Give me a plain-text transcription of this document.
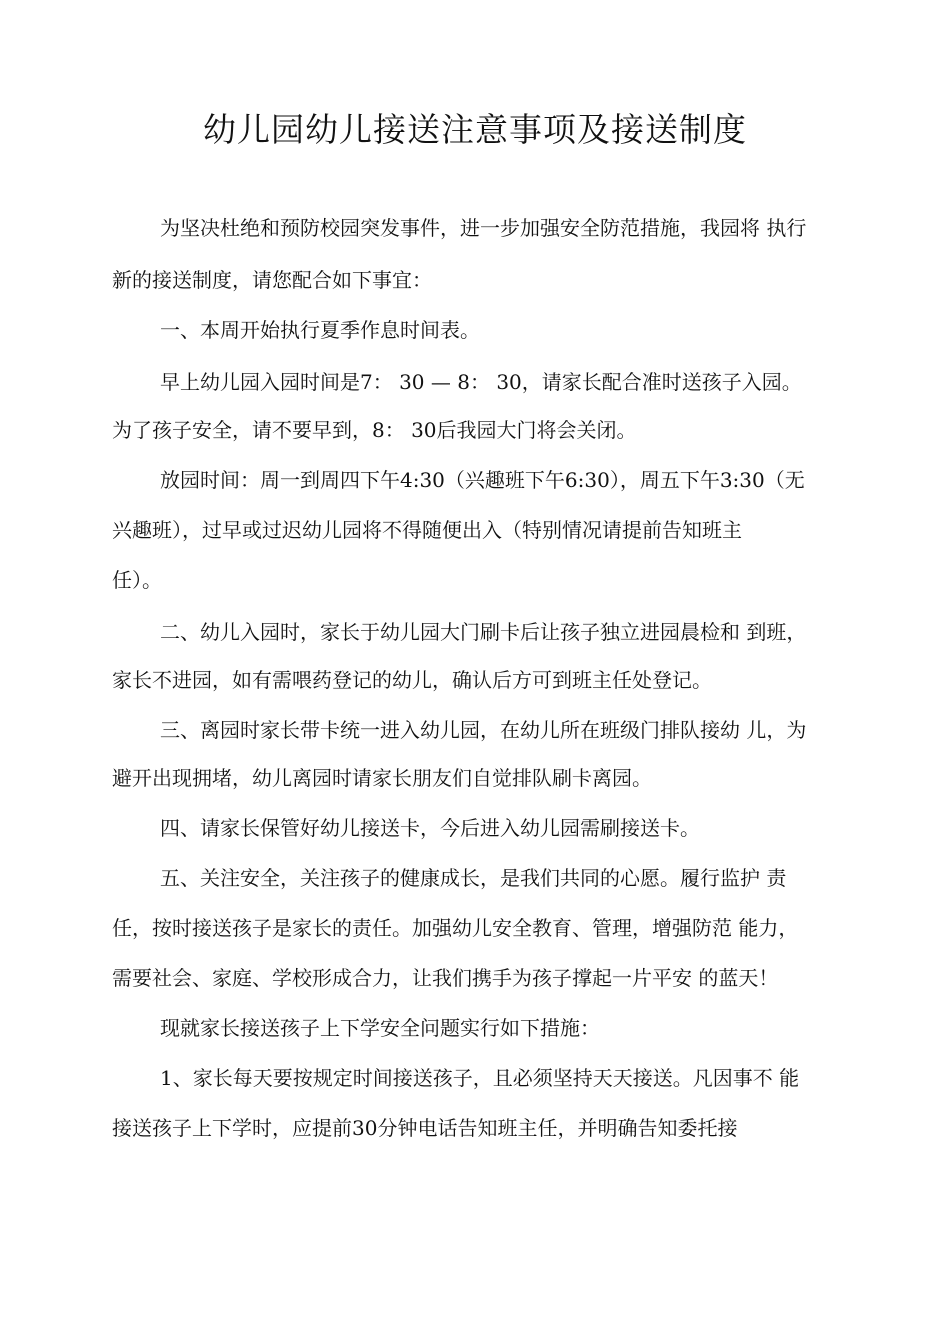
幼儿园幼儿接送注意事项及接送制度
为坚决杜绝和预防校园突发事件，进一步加强安全防范措施，我园将 执行
新的接送制度，请您配合如下事宜：
一、本周开始执行夏季作息时间表。
早上幼儿园入园时间是7： 30 — 8： 30，请家长配合准时送孩子入园。
为了孩子安全，请不要早到，8： 30后我园大门将会关闭。
放园时间：周一到周四下午4:30（兴趣班下午6:30），周五下午3:30（无
兴趣班），过早或过迟幼儿园将不得随便出入（特别情况请提前告知班主
任）。
二、幼儿入园时，家长于幼儿园大门刷卡后让孩子独立进园晨检和 到班，
家长不进园，如有需喂药登记的幼儿，确认后方可到班主任处登记。
三、离园时家长带卡统一进入幼儿园，在幼儿所在班级门排队接幼 儿，为
避开出现拥堵，幼儿离园时请家长朋友们自觉排队刷卡离园。
四、请家长保管好幼儿接送卡，今后进入幼儿园需刷接送卡。
五、关注安全，关注孩子的健康成长，是我们共同的心愿。履行监护 责
任，按时接送孩子是家长的责任。加强幼儿安全教育、管理，增强防范 能力，
需要社会、家庭、学校形成合力，让我们携手为孩子撑起一片平安 的蓝天！
现就家长接送孩子上下学安全问题实行如下措施：
1、家长每天要按规定时间接送孩子，且必须坚持天天接送。凡因事不 能
接送孩子上下学时，应提前30分钟电话告知班主任，并明确告知委托接
